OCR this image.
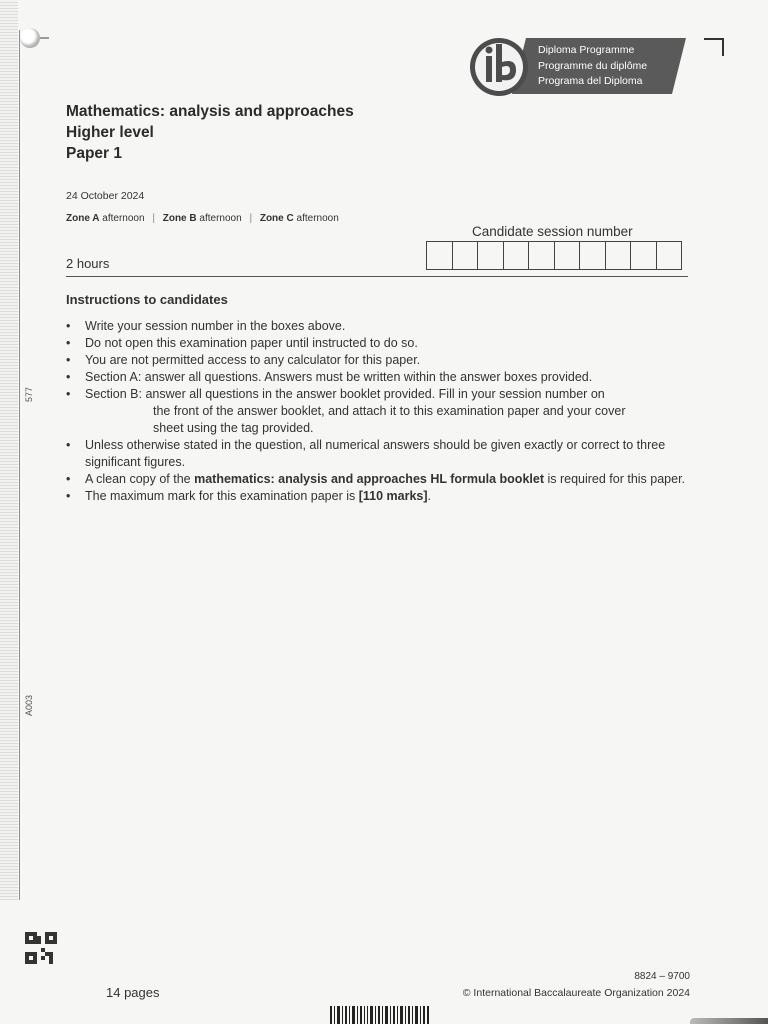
577
A003
Diploma Programme
Programme du diplôme
Programa del Diploma
Mathematics: analysis and approaches
Higher level
Paper 1
24 October 2024
Zone A afternoon | Zone B afternoon | Zone C afternoon
Candidate session number
2 hours
Instructions to candidates
• Write your session number in the boxes above.
• Do not open this examination paper until instructed to do so.
• You are not permitted access to any calculator for this paper.
• Section A: answer all questions. Answers must be written within the answer boxes provided.
• Section B: answer all questions in the answer booklet provided. Fill in your session number on
the front of the answer booklet, and attach it to this examination paper and your cover
sheet using the tag provided.
• Unless otherwise stated in the question, all numerical answers should be given exactly or correct to three significant figures.
• A clean copy of the mathematics: analysis and approaches HL formula booklet is required for this paper.
• The maximum mark for this examination paper is [110 marks].
14 pages
8824 – 9700
© International Baccalaureate Organization 2024
